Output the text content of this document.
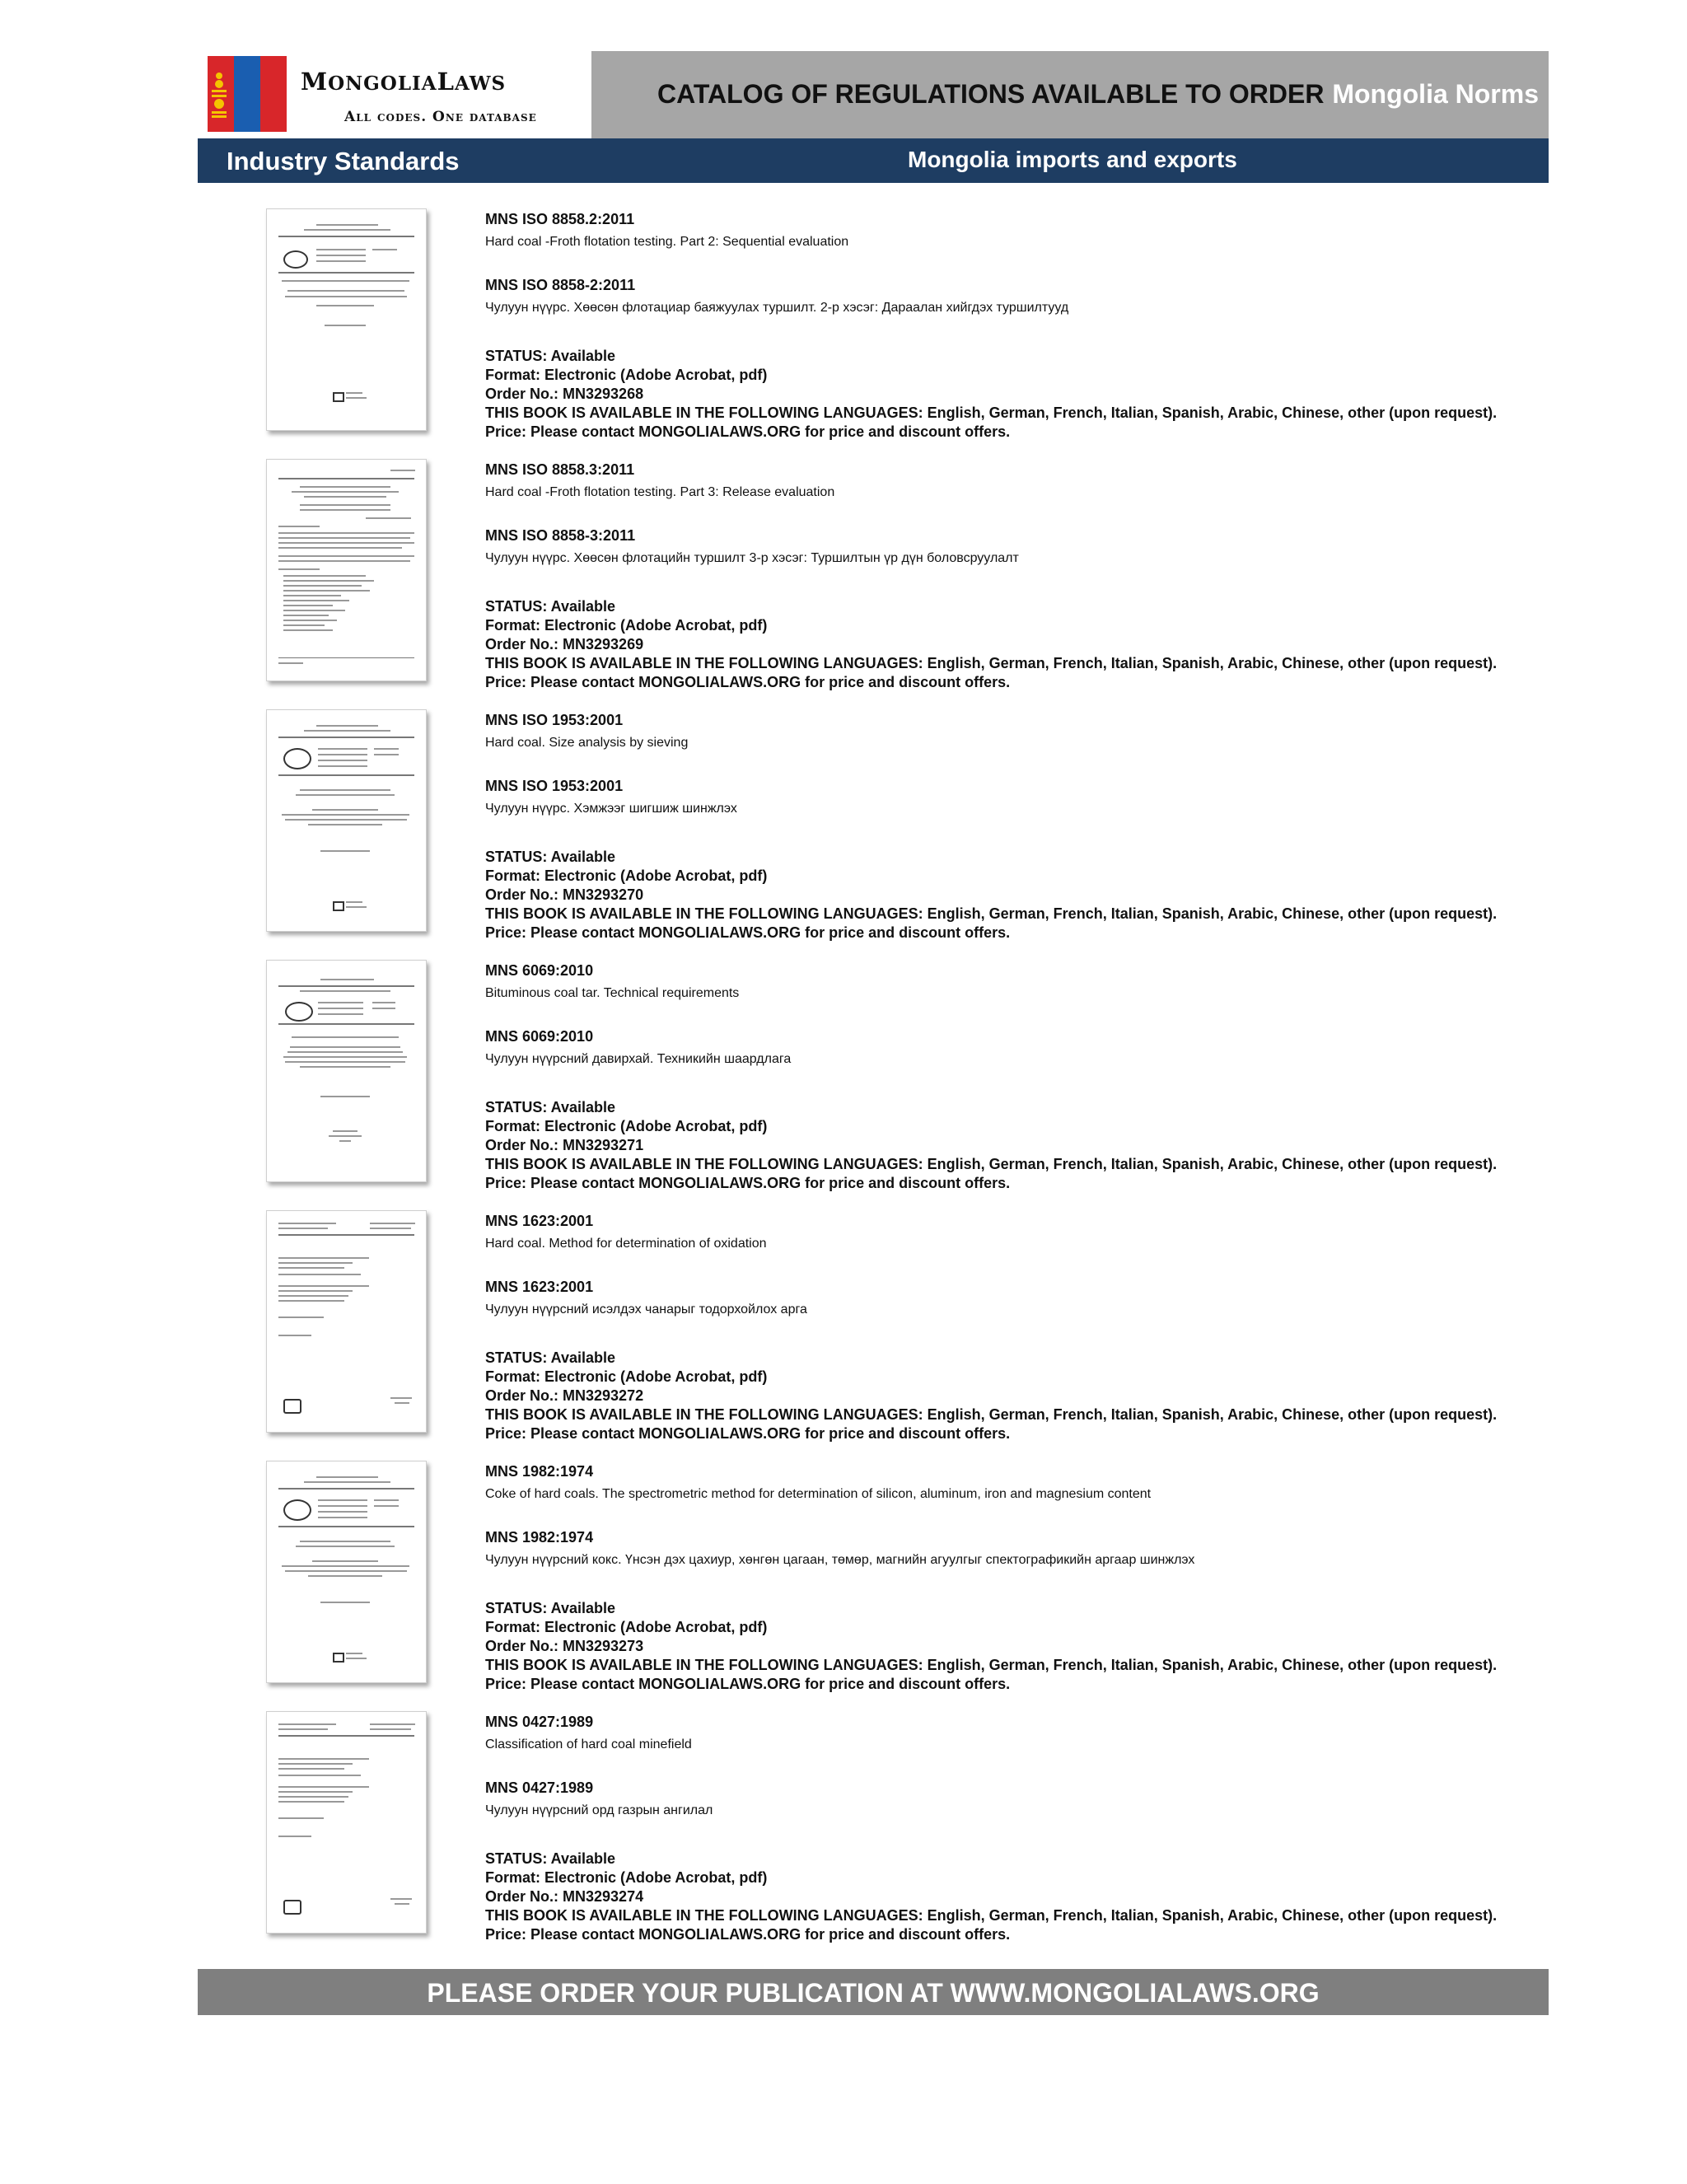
MONGOLIALAWS
All codes. One database
CATALOG OF REGULATIONS AVAILABLE TO ORDER Mongolia Norms
Industry Standards	Mongolia imports and exports
MNS ISO 8858.2:2011
Hard coal -Froth flotation testing. Part 2: Sequential evaluation
MNS ISO 8858-2:2011
Чулуун нүүрс. Хөөсөн флотациар баяжуулах туршилт. 2-р хэсэг: Дараалан хийгдэх туршилтууд
STATUS: Available
Format: Electronic (Adobe Acrobat, pdf)
Order No.: MN3293268
THIS BOOK IS AVAILABLE IN THE FOLLOWING LANGUAGES: English, German, French, Italian, Spanish, Arabic, Chinese, other (upon request).
Price: Please contact MONGOLIALAWS.ORG for price and discount offers.
MNS ISO 8858.3:2011
Hard coal -Froth flotation testing. Part 3: Release evaluation
MNS ISO 8858-3:2011
Чулуун нүүрс. Хөөсөн флотацийн туршилт 3-р хэсэг: Туршилтын үр дүн боловсруулалт
STATUS: Available
Format: Electronic (Adobe Acrobat, pdf)
Order No.: MN3293269
THIS BOOK IS AVAILABLE IN THE FOLLOWING LANGUAGES: English, German, French, Italian, Spanish, Arabic, Chinese, other (upon request).
Price: Please contact MONGOLIALAWS.ORG for price and discount offers.
MNS ISO 1953:2001
Hard coal. Size analysis by sieving
MNS ISO 1953:2001
Чулуун нүүрс. Хэмжээг шигшиж шинжлэх
STATUS: Available
Format: Electronic (Adobe Acrobat, pdf)
Order No.: MN3293270
THIS BOOK IS AVAILABLE IN THE FOLLOWING LANGUAGES: English, German, French, Italian, Spanish, Arabic, Chinese, other (upon request).
Price: Please contact MONGOLIALAWS.ORG for price and discount offers.
MNS 6069:2010
Bituminous coal tar. Technical requirements
MNS 6069:2010
Чулуун нүүрсний давирхай. Техникийн шаардлага
STATUS: Available
Format: Electronic (Adobe Acrobat, pdf)
Order No.: MN3293271
THIS BOOK IS AVAILABLE IN THE FOLLOWING LANGUAGES: English, German, French, Italian, Spanish, Arabic, Chinese, other (upon request).
Price: Please contact MONGOLIALAWS.ORG for price and discount offers.
MNS 1623:2001
Hard coal. Method for determination of oxidation
MNS 1623:2001
Чулуун нүүрсний исэлдэх чанарыг тодорхойлох арга
STATUS: Available
Format: Electronic (Adobe Acrobat, pdf)
Order No.: MN3293272
THIS BOOK IS AVAILABLE IN THE FOLLOWING LANGUAGES: English, German, French, Italian, Spanish, Arabic, Chinese, other (upon request).
Price: Please contact MONGOLIALAWS.ORG for price and discount offers.
MNS 1982:1974
Coke of hard coals. The spectrometric method for determination of silicon, aluminum, iron and magnesium content
MNS 1982:1974
Чулуун нүүрсний кокс. Үнсэн дэх цахиур, хөнгөн цагаан, төмөр, магнийн агуулгыг спектографикийн аргаар шинжлэх
STATUS: Available
Format: Electronic (Adobe Acrobat, pdf)
Order No.: MN3293273
THIS BOOK IS AVAILABLE IN THE FOLLOWING LANGUAGES: English, German, French, Italian, Spanish, Arabic, Chinese, other (upon request).
Price: Please contact MONGOLIALAWS.ORG for price and discount offers.
MNS 0427:1989
Classification of hard coal minefield
MNS 0427:1989
Чулуун нүүрсний орд газрын ангилал
STATUS: Available
Format: Electronic (Adobe Acrobat, pdf)
Order No.: MN3293274
THIS BOOK IS AVAILABLE IN THE FOLLOWING LANGUAGES: English, German, French, Italian, Spanish, Arabic, Chinese, other (upon request).
Price: Please contact MONGOLIALAWS.ORG for price and discount offers.
PLEASE ORDER YOUR PUBLICATION AT WWW.MONGOLIALAWS.ORG
